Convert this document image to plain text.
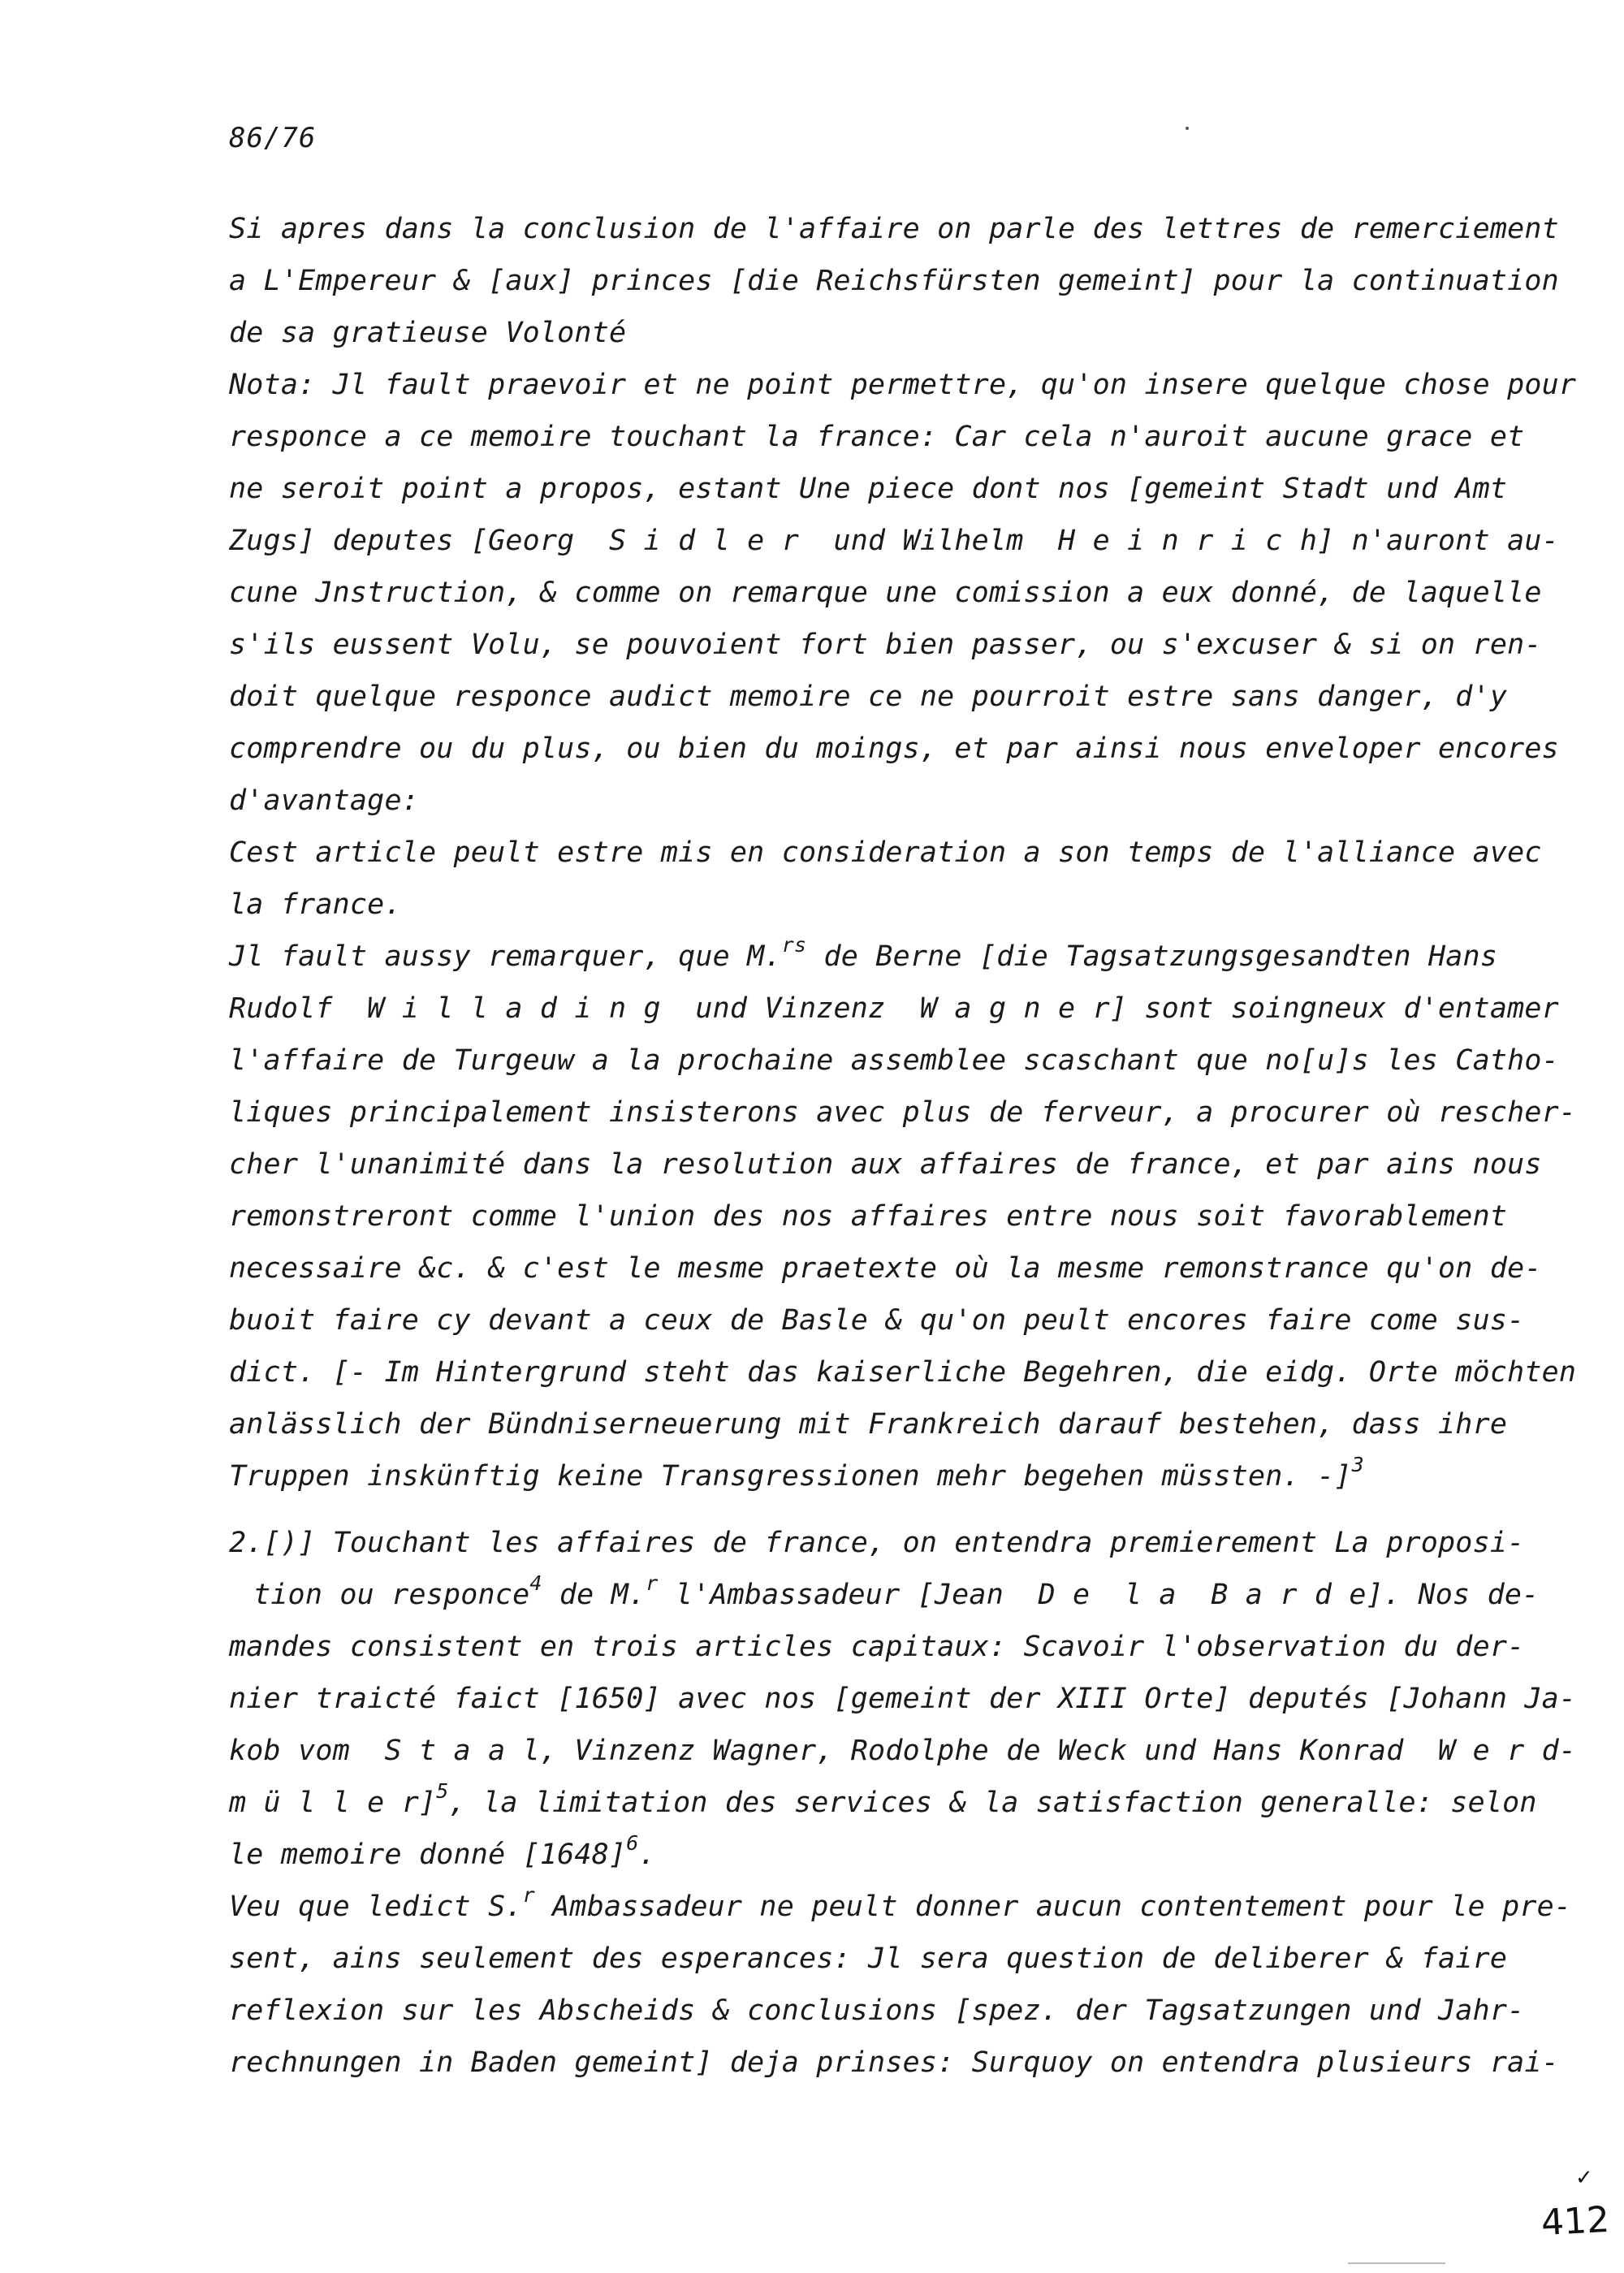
86/76
Si apres dans la conclusion de l'affaire on parle des lettres de remerciement
a L'Empereur & [aux] princes [die Reichsfürsten gemeint] pour la continuation
de sa gratieuse Volonté
Nota: Jl fault praevoir et ne point permettre, qu'on insere quelque chose pour
responce a ce memoire touchant la france: Car cela n'auroit aucune grace et
ne seroit point a propos, estant Une piece dont nos [gemeint Stadt und Amt
Zugs] deputes [Georg  S i d l e r  und Wilhelm  H e i n r i c h] n'auront au-
cune Jnstruction, & comme on remarque une comission a eux donné, de laquelle
s'ils eussent Volu, se pouvoient fort bien passer, ou s'excuser & si on ren-
doit quelque responce audict memoire ce ne pourroit estre sans danger, d'y
comprendre ou du plus, ou bien du moings, et par ainsi nous enveloper encores
d'avantage:
Cest article peult estre mis en consideration a son temps de l'alliance avec
la france.
Jl fault aussy remarquer, que M.$^{rs}$ de Berne [die Tagsatzungsgesandten Hans
Rudolf  W i l l a d i n g  und Vinzenz  W a g n e r] sont soingneux d'entamer
l'affaire de Turgeuw a la prochaine assemblee scaschant que no[u]s les Catho-
liques principalement insisterons avec plus de ferveur, a procurer où rescher-
cher l'unanimité dans la resolution aux affaires de france, et par ains nous
remonstreront comme l'union des nos affaires entre nous soit favorablement
necessaire &c. & c'est le mesme praetexte où la mesme remonstrance qu'on de-
buoit faire cy devant a ceux de Basle & qu'on peult encores faire come sus-
dict. [- Im Hintergrund steht das kaiserliche Begehren, die eidg. Orte möchten
anlässlich der Bündniserneuerung mit Frankreich darauf bestehen, dass ihre
Truppen inskünftig keine Transgressionen mehr begehen müssten. -]$^3$
2.[)] Touchant les affaires de france, on entendra premierement La proposi-
tion ou responce$^4$ de M.$^r$ l'Ambassadeur [Jean  D e  l a  B a r d e]. Nos de-
mandes consistent en trois articles capitaux: Scavoir l'observation du der-
nier traicté faict [1650] avec nos [gemeint der XIII Orte] deputés [Johann Ja-
kob vom  S t a a l, Vinzenz Wagner, Rodolphe de Weck und Hans Konrad  W e r d-
m ü l l e r]$^5$, la limitation des services & la satisfaction generalle: selon
le memoire donné $[1648]^6$.
Veu que ledict S.$^r$ Ambassadeur ne peult donner aucun contentement pour le pre-
sent, ains seulement des esperances: Jl sera question de deliberer & faire
reflexion sur les Abscheids & conclusions [spez. der Tagsatzungen und Jahr-
rechnungen in Baden gemeint] deja prinses: Surquoy on entendra plusieurs rai-
✓
412
